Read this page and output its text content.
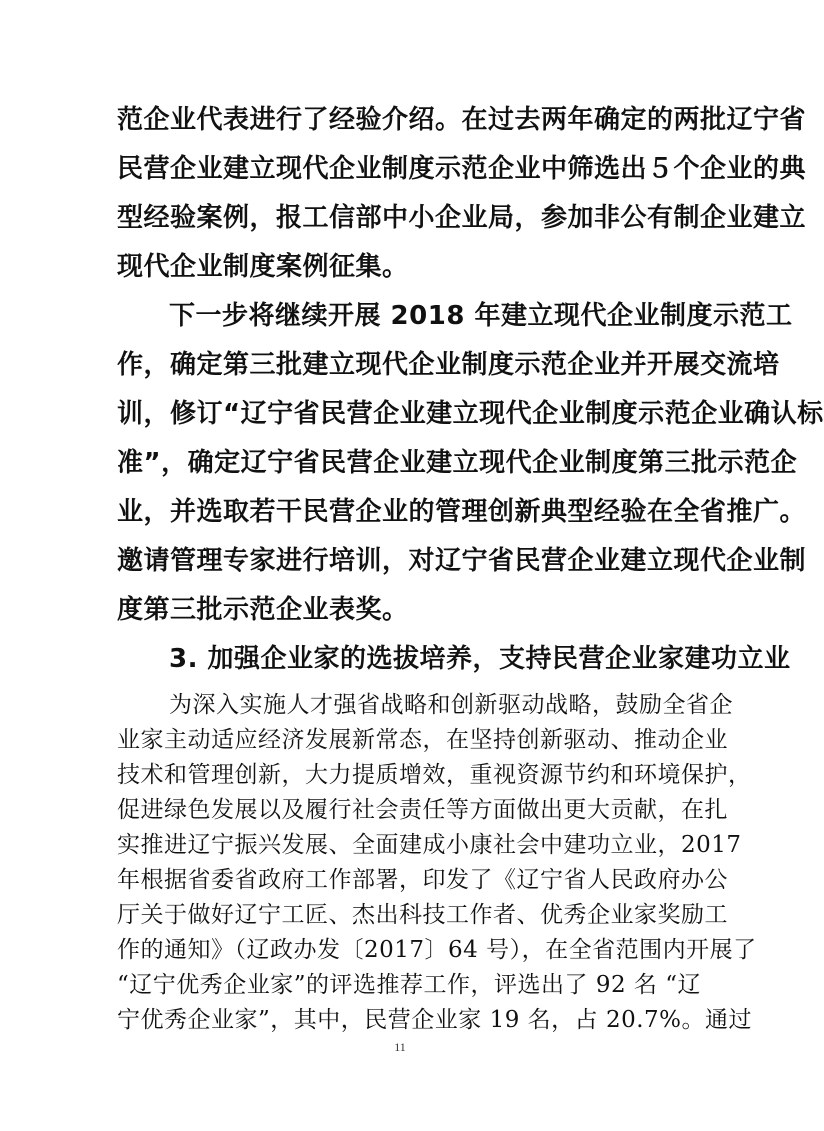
范企业代表进行了经验介绍。在过去两年确定的两批辽宁省
民营企业建立现代企业制度示范企业中筛选出５个企业的典
型经验案例，报工信部中小企业局，参加非公有制企业建立
现代企业制度案例征集。
下一步将继续开展 2018 年建立现代企业制度示范工
作，确定第三批建立现代企业制度示范企业并开展交流培
训，修订“辽宁省民营企业建立现代企业制度示范企业确认标
准”，确定辽宁省民营企业建立现代企业制度第三批示范企
业，并选取若干民营企业的管理创新典型经验在全省推广。
邀请管理专家进行培训，对辽宁省民营企业建立现代企业制
度第三批示范企业表奖。
3. 加强企业家的选拔培养，支持民营企业家建功立业
为深入实施人才强省战略和创新驱动战略，鼓励全省企
业家主动适应经济发展新常态，在坚持创新驱动、推动企业
技术和管理创新，大力提质增效，重视资源节约和环境保护，
促进绿色发展以及履行社会责任等方面做出更大贡献，在扎
实推进辽宁振兴发展、全面建成小康社会中建功立业，2017
年根据省委省政府工作部署，印发了《辽宁省人民政府办公
厅关于做好辽宁工匠、杰出科技工作者、优秀企业家奖励工
作的通知》（辽政办发〔2017〕64 号），在全省范围内开展了
“辽宁优秀企业家”的评选推荐工作，评选出了 92 名 “辽
宁优秀企业家”，其中，民营企业家 19 名，占 20.7%。通过
11
